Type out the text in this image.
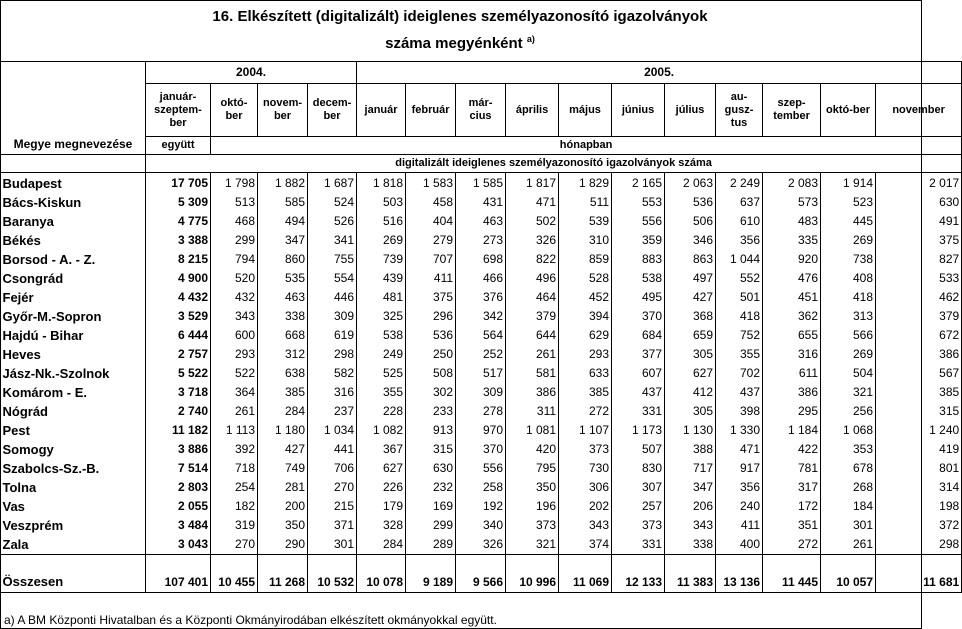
16. Elkészített (digitalizált) ideiglenes személyazonosító igazolványok
száma megyénként $^{a)}$
Megye megnevezése	2004.				2005.										
	január-szeptem-ber	októ-ber	novem-ber	decem-ber	január	február	már-cius	április	május	június	július	au-gusz-tus	szep-tember	októ-ber	november
	együtt	hónapban													
	digitalizált ideiglenes személyazonosító igazolványok száma														
Budapest	17 705	1 798	1 882	1 687	1 818	1 583	1 585	1 817	1 829	2 165	2 063	2 249	2 083	1 914	2 017
Bács-Kiskun	5 309	513	585	524	503	458	431	471	511	553	536	637	573	523	630
Baranya	4 775	468	494	526	516	404	463	502	539	556	506	610	483	445	491
Békés	3 388	299	347	341	269	279	273	326	310	359	346	356	335	269	375
Borsod - A. - Z.	8 215	794	860	755	739	707	698	822	859	883	863	1 044	920	738	827
Csongrád	4 900	520	535	554	439	411	466	496	528	538	497	552	476	408	533
Fejér	4 432	432	463	446	481	375	376	464	452	495	427	501	451	418	462
Győr-M.-Sopron	3 529	343	338	309	325	296	342	379	394	370	368	418	362	313	379
Hajdú - Bihar	6 444	600	668	619	538	536	564	644	629	684	659	752	655	566	672
Heves	2 757	293	312	298	249	250	252	261	293	377	305	355	316	269	386
Jász-Nk.-Szolnok	5 522	522	638	582	525	508	517	581	633	607	627	702	611	504	567
Komárom - E.	3 718	364	385	316	355	302	309	386	385	437	412	437	386	321	385
Nógrád	2 740	261	284	237	228	233	278	311	272	331	305	398	295	256	315
Pest	11 182	1 113	1 180	1 034	1 082	913	970	1 081	1 107	1 173	1 130	1 330	1 184	1 068	1 240
Somogy	3 886	392	427	441	367	315	370	420	373	507	388	471	422	353	419
Szabolcs-Sz.-B.	7 514	718	749	706	627	630	556	795	730	830	717	917	781	678	801
Tolna	2 803	254	281	270	226	232	258	350	306	307	347	356	317	268	314
Vas	2 055	182	200	215	179	169	192	196	202	257	206	240	172	184	198
Veszprém	3 484	319	350	371	328	299	340	373	343	373	343	411	351	301	372
Zala	3 043	270	290	301	284	289	326	321	374	331	338	400	272	261	298
Összesen	107 401	10 455	11 268	10 532	10 078	9 189	9 566	10 996	11 069	12 133	11 383	13 136	11 445	10 057	11 681
a) A BM Központi Hivatalban és a Központi Okmányirodában elkészített okmányokkal együtt.
